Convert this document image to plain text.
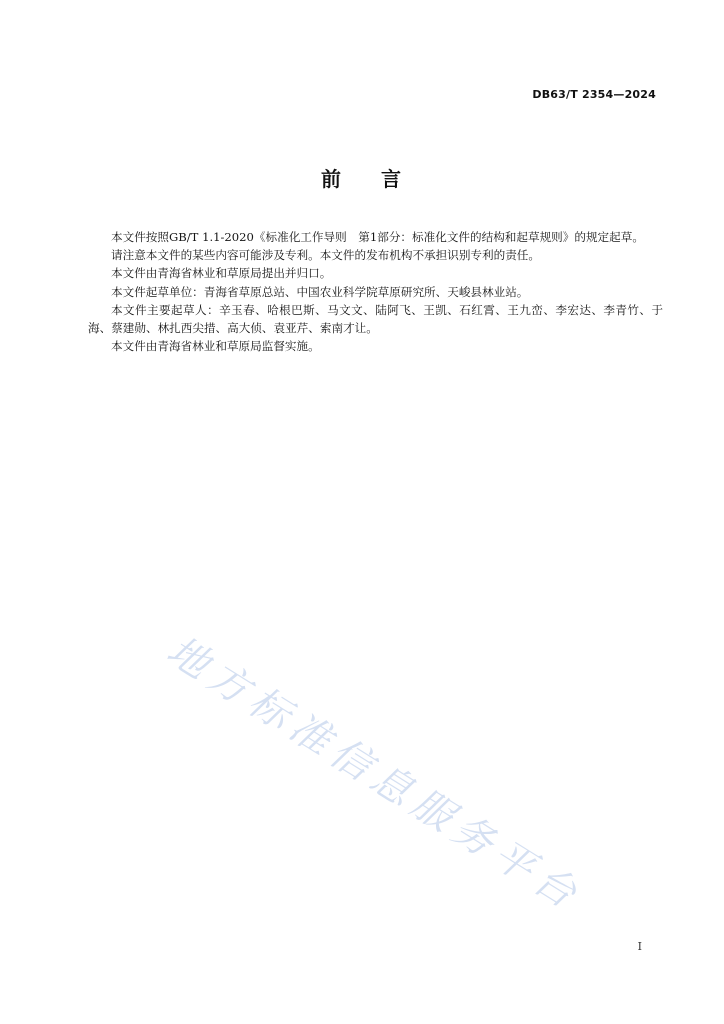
DB63/T 2354—2024
前 言

本文件按照GB/T 1.1-2020《标准化工作导则　第1部分：标准化文件的结构和起草规则》的规定起草。

请注意本文件的某些内容可能涉及专利。本文件的发布机构不承担识别专利的责任。

本文件由青海省林业和草原局提出并归口。

本文件起草单位：青海省草原总站、中国农业科学院草原研究所、天峻县林业站。

本文件主要起草人：辛玉春、哈根巴斯、马文文、陆阿飞、王凯、石红霄、王九峦、李宏达、李青竹、于海、蔡建勋、林扎西尖措、高大侦、袁亚芹、索南才让。

本文件由青海省林业和草原局监督实施。

地方标准信息服务平台
I
